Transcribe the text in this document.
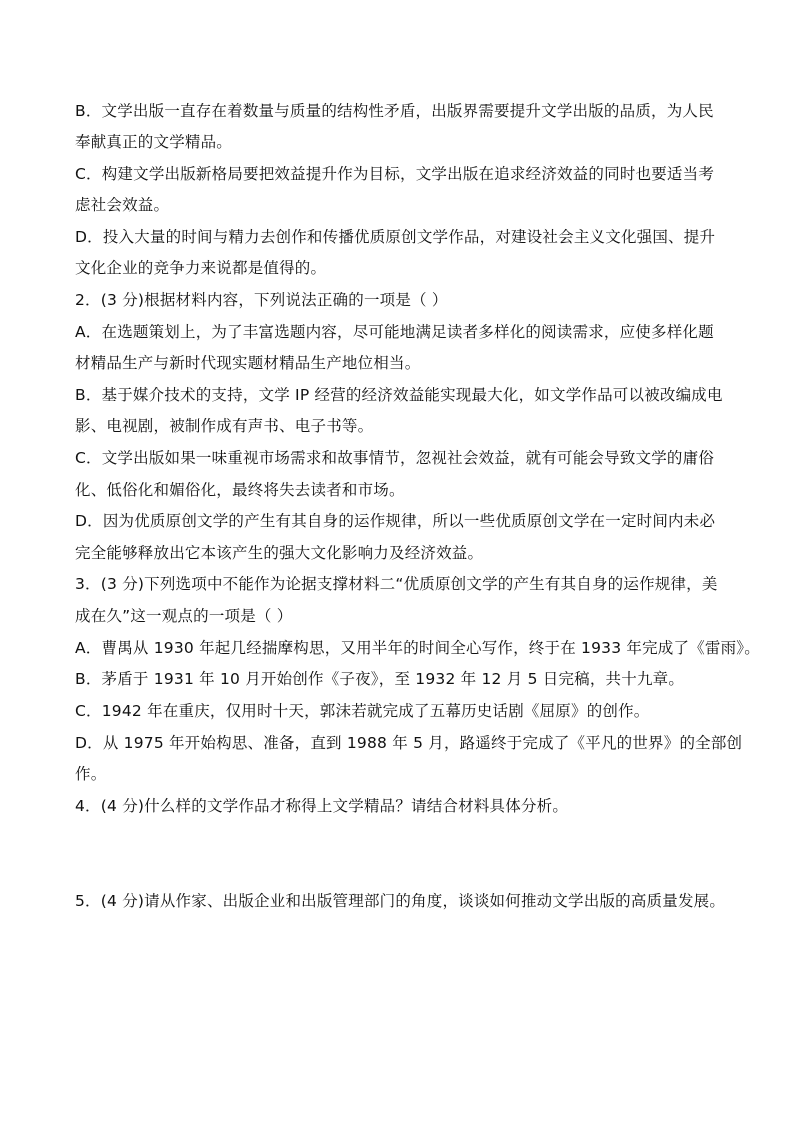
B．文学出版一直存在着数量与质量的结构性矛盾，出版界需要提升文学出版的品质，为人民
奉献真正的文学精品。
C．构建文学出版新格局要把效益提升作为目标，文学出版在追求经济效益的同时也要适当考
虑社会效益。
D．投入大量的时间与精力去创作和传播优质原创文学作品，对建设社会主义文化强国、提升
文化企业的竞争力来说都是值得的。
2．(3 分)根据材料内容，下列说法正确的一项是（ ）
A．在选题策划上，为了丰富选题内容，尽可能地满足读者多样化的阅读需求，应使多样化题
材精品生产与新时代现实题材精品生产地位相当。
B．基于媒介技术的支持，文学 IP 经营的经济效益能实现最大化，如文学作品可以被改编成电
影、电视剧，被制作成有声书、电子书等。
C．文学出版如果一味重视市场需求和故事情节，忽视社会效益，就有可能会导致文学的庸俗
化、低俗化和媚俗化，最终将失去读者和市场。
D．因为优质原创文学的产生有其自身的运作规律，所以一些优质原创文学在一定时间内未必
完全能够释放出它本该产生的强大文化影响力及经济效益。
3．(3 分)下列选项中不能作为论据支撑材料二“优质原创文学的产生有其自身的运作规律，美
成在久”这一观点的一项是（ ）
A．曹禺从 1930 年起几经揣摩构思，又用半年的时间全心写作，终于在 1933 年完成了《雷雨》。
B．茅盾于 1931 年 10 月开始创作《子夜》，至 1932 年 12 月 5 日完稿，共十九章。
C．1942 年在重庆，仅用时十天，郭沫若就完成了五幕历史话剧《屈原》的创作。
D．从 1975 年开始构思、准备，直到 1988 年 5 月，路遥终于完成了《平凡的世界》的全部创
作。
4．(4 分)什么样的文学作品才称得上文学精品？请结合材料具体分析。
5．(4 分)请从作家、出版企业和出版管理部门的角度，谈谈如何推动文学出版的高质量发展。
